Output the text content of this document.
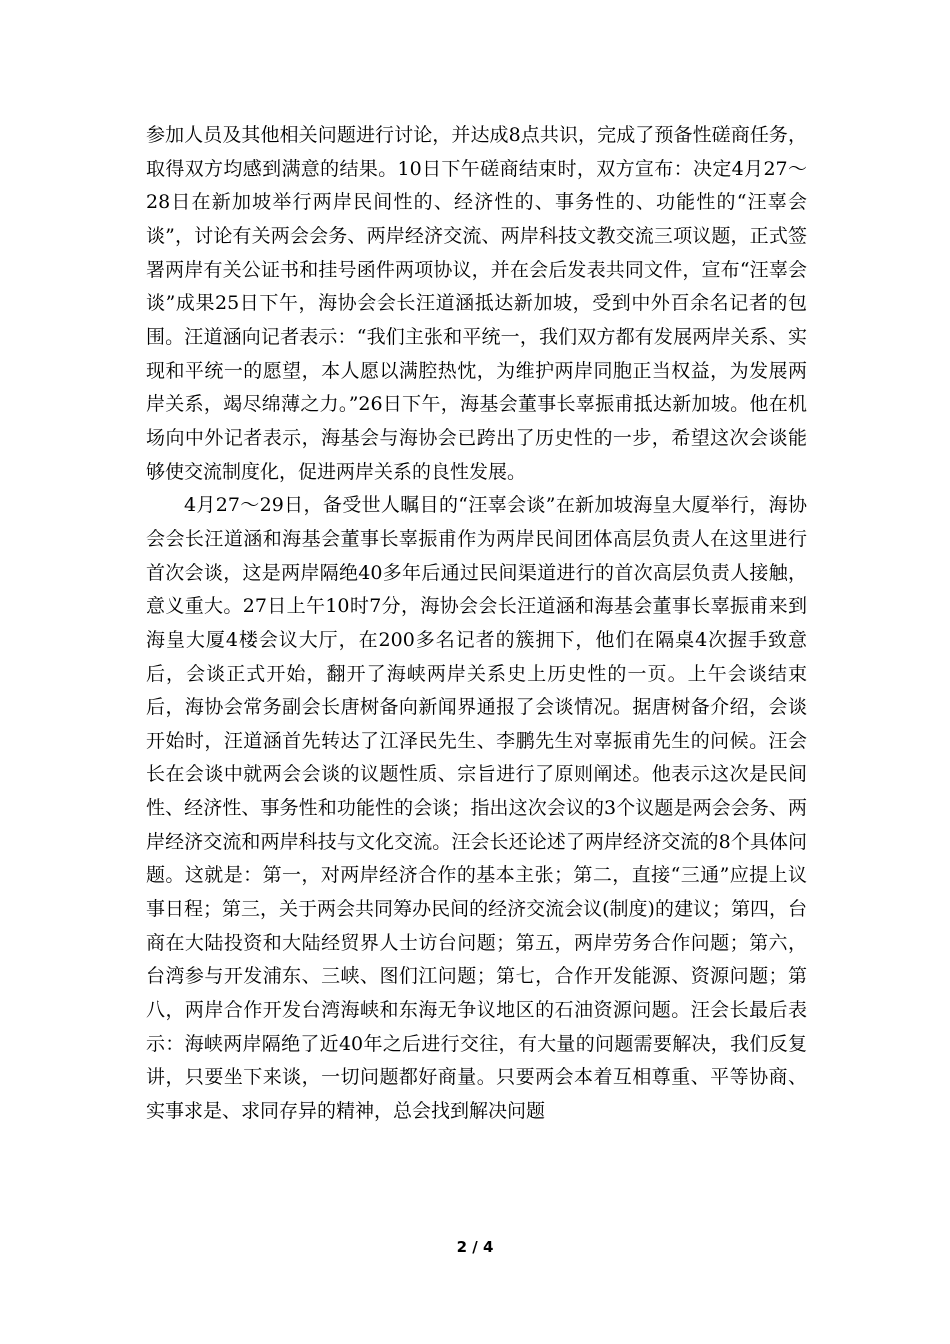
参加人员及其他相关问题进行讨论，并达成8点共识，完成了预备性磋商任务，取得双方均感到满意的结果。10日下午磋商结束时，双方宣布：决定4月27～28日在新加坡举行两岸民间性的、经济性的、事务性的、功能性的“汪辜会谈”，讨论有关两会会务、两岸经济交流、两岸科技文教交流三项议题，正式签署两岸有关公证书和挂号函件两项协议，并在会后发表共同文件，宣布“汪辜会谈”成果25日下午，海协会会长汪道涵抵达新加坡，受到中外百余名记者的包围。汪道涵向记者表示：“我们主张和平统一，我们双方都有发展两岸关系、实现和平统一的愿望，本人愿以满腔热忱，为维护两岸同胞正当权益，为发展两岸关系，竭尽绵薄之力。”26日下午，海基会董事长辜振甫抵达新加坡。他在机场向中外记者表示，海基会与海协会已跨出了历史性的一步，希望这次会谈能够使交流制度化，促进两岸关系的良性发展。

4月27～29日，备受世人瞩目的“汪辜会谈”在新加坡海皇大厦举行，海协会会长汪道涵和海基会董事长辜振甫作为两岸民间团体高层负责人在这里进行首次会谈，这是两岸隔绝40多年后通过民间渠道进行的首次高层负责人接触，意义重大。27日上午10时7分，海协会会长汪道涵和海基会董事长辜振甫来到海皇大厦4楼会议大厅，在200多名记者的簇拥下，他们在隔桌4次握手致意后，会谈正式开始，翻开了海峡两岸关系史上历史性的一页。上午会谈结束后，海协会常务副会长唐树备向新闻界通报了会谈情况。据唐树备介绍，会谈开始时，汪道涵首先转达了江泽民先生、李鹏先生对辜振甫先生的问候。汪会长在会谈中就两会会谈的议题性质、宗旨进行了原则阐述。他表示这次是民间性、经济性、事务性和功能性的会谈；指出这次会议的3个议题是两会会务、两岸经济交流和两岸科技与文化交流。汪会长还论述了两岸经济交流的8个具体问题。这就是：第一，对两岸经济合作的基本主张；第二，直接“三通”应提上议事日程；第三，关于两会共同筹办民间的经济交流会议(制度)的建议；第四，台商在大陆投资和大陆经贸界人士访台问题；第五，两岸劳务合作问题；第六，台湾参与开发浦东、三峡、图们江问题；第七，合作开发能源、资源问题；第八，两岸合作开发台湾海峡和东海无争议地区的石油资源问题。汪会长最后表示：海峡两岸隔绝了近40年之后进行交往，有大量的问题需要解决，我们反复讲，只要坐下来谈，一切问题都好商量。只要两会本着互相尊重、平等协商、实事求是、求同存异的精神，总会找到解决问题

2 / 4
